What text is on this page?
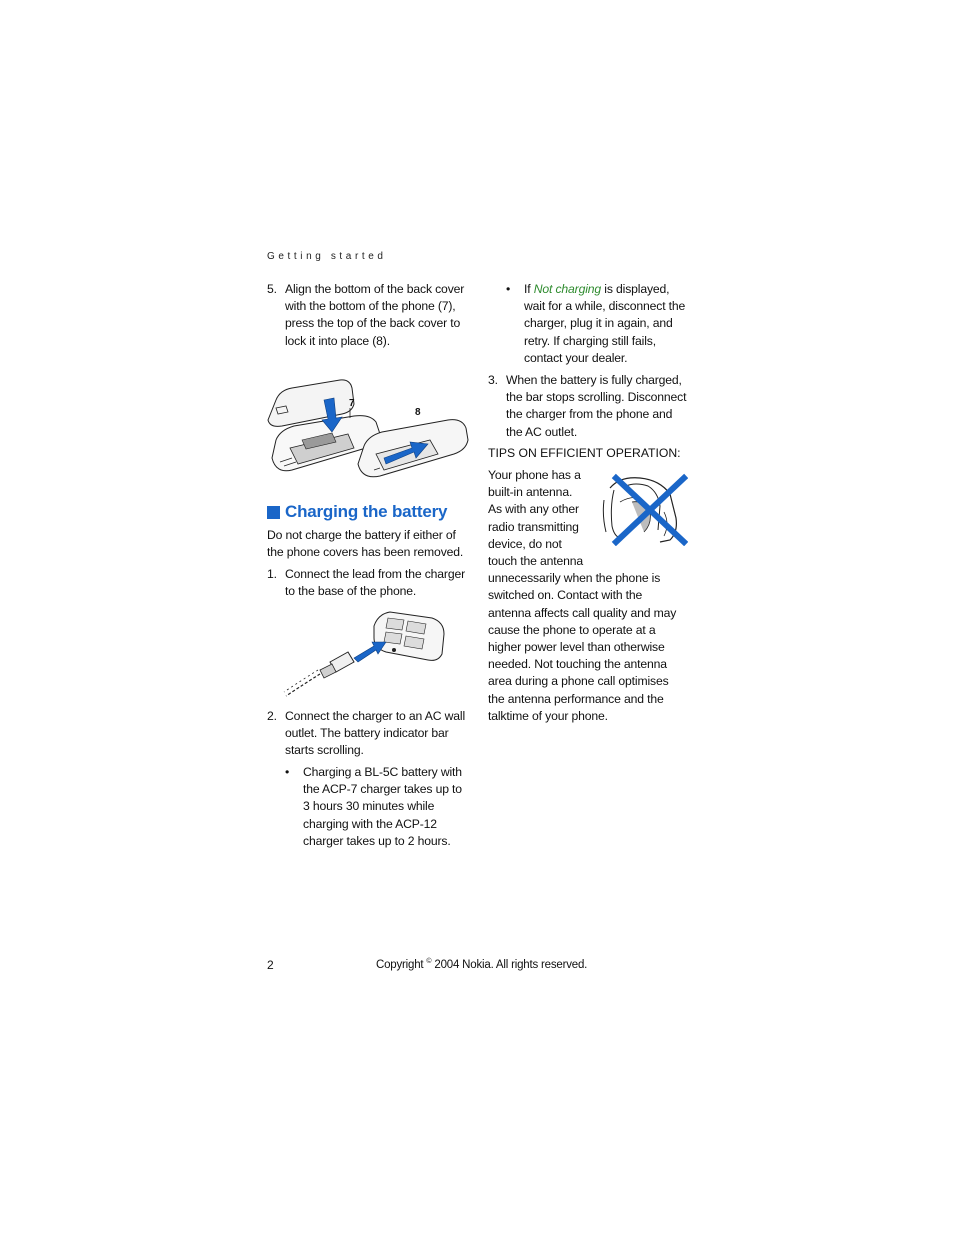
Getting started
5. Align the bottom of the back cover with the bottom of the phone (7), press the top of the back cover to lock it into place (8).
7
8
Charging the battery
Do not charge the battery if either of the phone covers has been removed.
1. Connect the lead from the charger to the base of the phone.
2. Connect the charger to an AC wall outlet. The battery indicator bar starts scrolling.
•	Charging a BL-5C battery with the ACP-7 charger takes up to 3 hours 30 minutes while charging with the ACP-12 charger takes up to 2 hours.
•	If Not charging is displayed, wait for a while, disconnect the charger, plug it in again, and retry. If charging still fails, contact your dealer.
3. When the battery is fully charged, the bar stops scrolling. Disconnect the charger from the phone and the AC outlet.
TIPS ON EFFICIENT OPERATION:
Your phone has a
built-in antenna.
As with any other
radio transmitting
device, do not
touch the antenna
unnecessarily when the phone is switched on. Contact with the antenna affects call quality and may cause the phone to operate at a higher power level than otherwise needed. Not touching the antenna area during a phone call optimises the antenna performance and the talktime of your phone.
2	Copyright © 2004 Nokia. All rights reserved.
